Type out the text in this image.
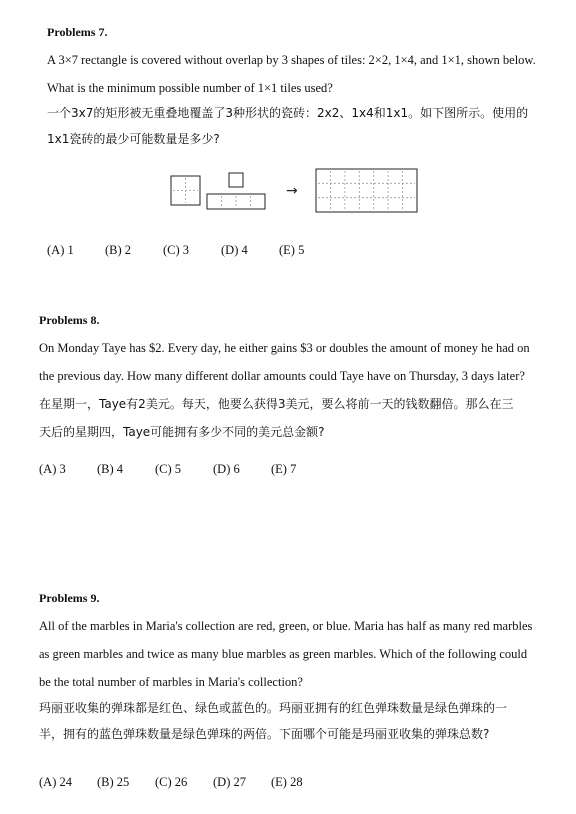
Problems 7.
A 3×7 rectangle is covered without overlap by 3 shapes of tiles: 2×2, 1×4, and 1×1, shown below.
What is the minimum possible number of 1×1 tiles used?
一个3x7的矩形被无重叠地覆盖了3种形状的瓷砖：2x2、1x4和1x1。如下图所示。使用的
1x1瓷砖的最少可能数量是多少?
→
(A) 1	(B) 2	(C) 3	(D) 4	(E) 5
Problems 8.
On Monday Taye has $2. Every day, he either gains $3 or doubles the amount of money he had on
the previous day. How many different dollar amounts could Taye have on Thursday, 3 days later?
在星期一，Taye有2美元。每天，他要么获得3美元，要么将前一天的钱数翻倍。那么在三
天后的星期四，Taye可能拥有多少不同的美元总金额?
(A) 3	(B) 4	(C) 5	(D) 6	(E) 7
Problems 9.
All of the marbles in Maria's collection are red, green, or blue. Maria has half as many red marbles
as green marbles and twice as many blue marbles as green marbles. Which of the following could
be the total number of marbles in Maria's collection?
玛丽亚收集的弹珠都是红色、绿色或蓝色的。玛丽亚拥有的红色弹珠数量是绿色弹珠的一
半，拥有的蓝色弹珠数量是绿色弹珠的两倍。下面哪个可能是玛丽亚收集的弹珠总数?
(A) 24	(B) 25	(C) 26	(D) 27	(E) 28
